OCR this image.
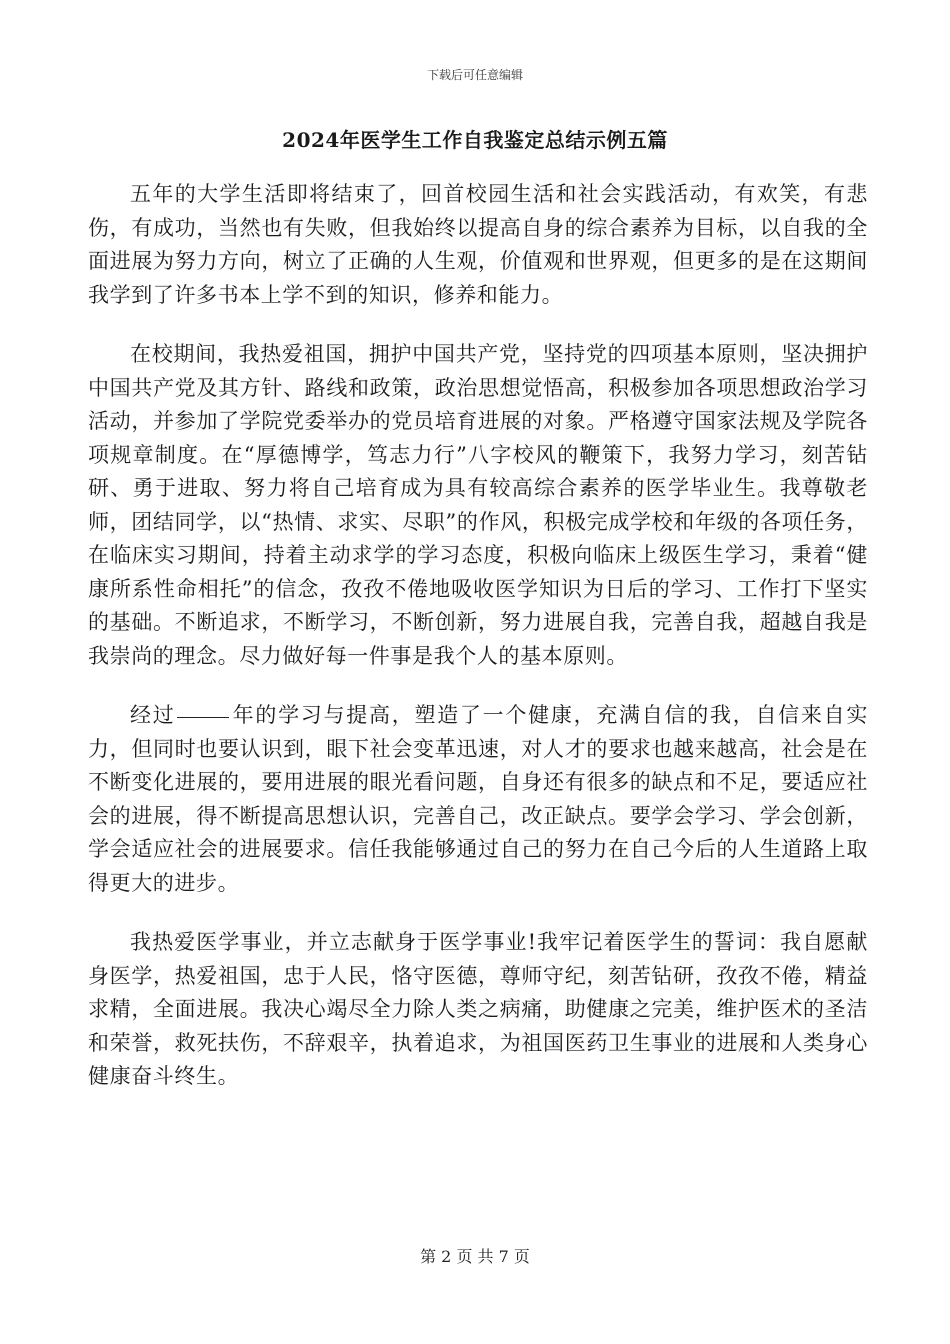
下载后可任意编辑
2024年医学生工作自我鉴定总结示例五篇

五年的大学生活即将结束了，回首校园生活和社会实践活动，有欢笑，有悲伤，有成功，当然也有失败，但我始终以提高自身的综合素养为目标，以自我的全面进展为努力方向，树立了正确的人生观，价值观和世界观，但更多的是在这期间我学到了许多书本上学不到的知识，修养和能力。

在校期间，我热爱祖国，拥护中国共产党，坚持党的四项基本原则，坚决拥护中国共产党及其方针、路线和政策，政治思想觉悟高，积极参加各项思想政治学习活动，并参加了学院党委举办的党员培育进展的对象。严格遵守国家法规及学院各项规章制度。在“厚德博学，笃志力行”八字校风的鞭策下，我努力学习，刻苦钻研、勇于进取、努力将自己培育成为具有较高综合素养的医学毕业生。我尊敬老师，团结同学，以“热情、求实、尽职”的作风，积极完成学校和年级的各项任务，在临床实习期间，持着主动求学的学习态度，积极向临床上级医生学习，秉着“健康所系性命相托”的信念，孜孜不倦地吸收医学知识为日后的学习、工作打下坚实的基础。不断追求，不断学习，不断创新，努力进展自我，完善自我，超越自我是我崇尚的理念。尽力做好每一件事是我个人的基本原则。

经过	年的学习与提高，塑造了一个健康，充满自信的我，自信来自实力，但同时也要认识到，眼下社会变革迅速，对人才的要求也越来越高，社会是在不断变化进展的，要用进展的眼光看问题，自身还有很多的缺点和不足，要适应社会的进展，得不断提高思想认识，完善自己，改正缺点。要学会学习、学会创新，学会适应社会的进展要求。信任我能够通过自己的努力在自己今后的人生道路上取得更大的进步。

我热爱医学事业，并立志献身于医学事业!我牢记着医学生的誓词：我自愿献身医学，热爱祖国，忠于人民，恪守医德，尊师守纪，刻苦钻研，孜孜不倦，精益求精，全面进展。我决心竭尽全力除人类之病痛，助健康之完美，维护医术的圣洁和荣誉，救死扶伤，不辞艰辛，执着追求，为祖国医药卫生事业的进展和人类身心健康奋斗终生。

第 2 页 共 7 页
